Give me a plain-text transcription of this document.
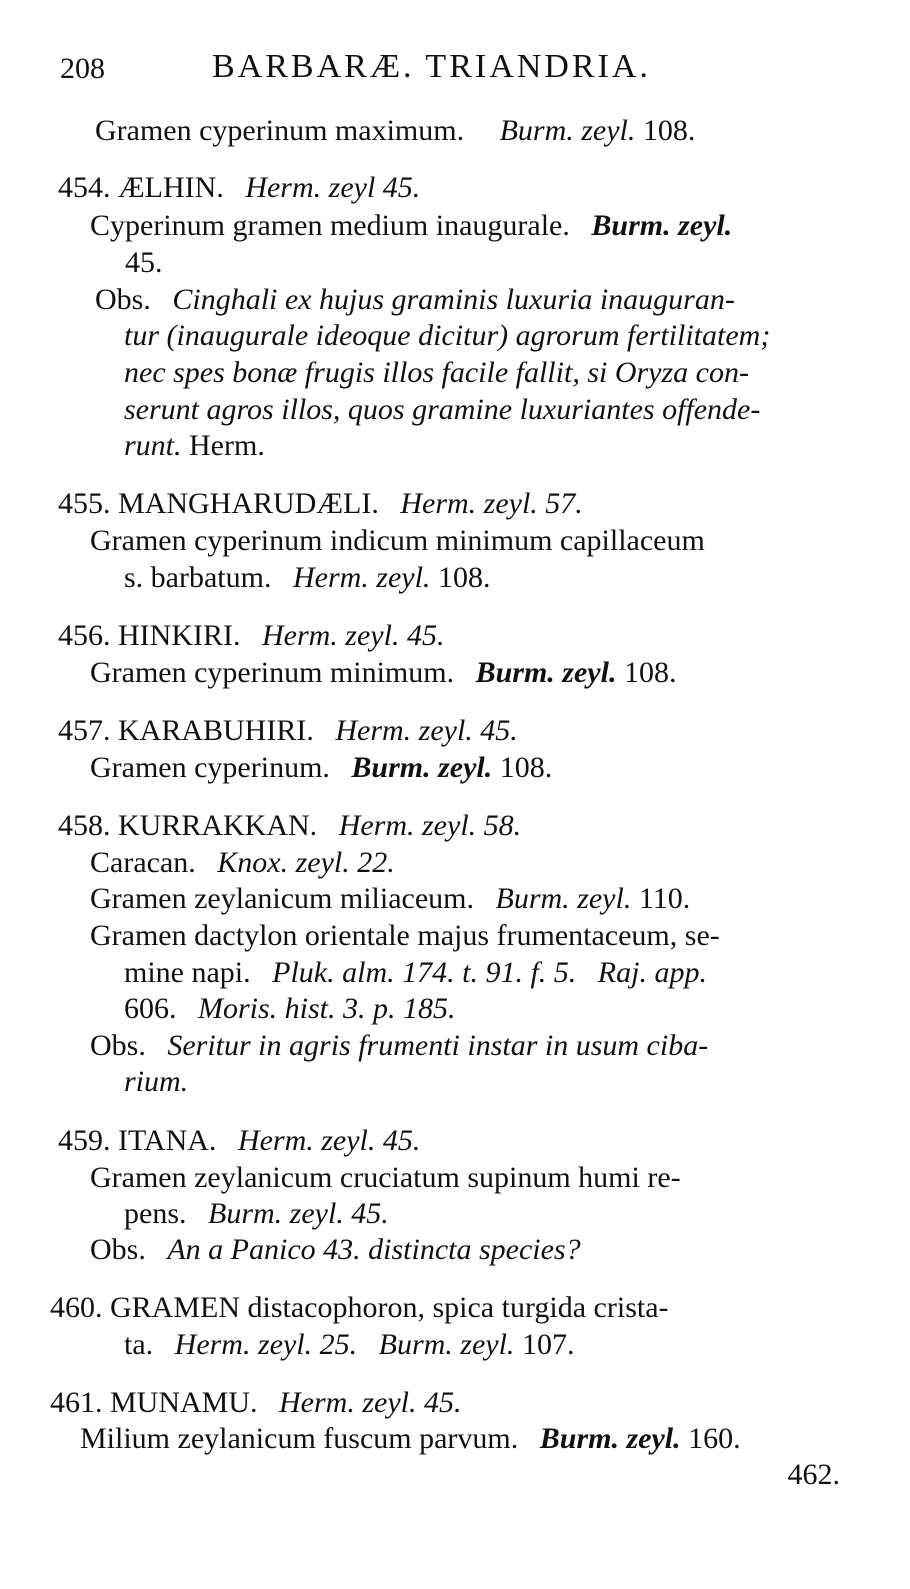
208	BARBARÆ. TRIANDRIA.
Gramen cyperinum maximum. Burm. zeyl. 108.
454. ÆLHIN. Herm. zeyl 45.
Cyperinum gramen medium inaugurale. Burm. zeyl.
45.
Obs. Cinghali ex hujus graminis luxuria inauguran-
tur (inaugurale ideoque dicitur) agrorum fertilitatem;
nec spes bonæ frugis illos facile fallit, si Oryza con-
serunt agros illos, quos gramine luxuriantes offende-
runt. Herm.
455. MANGHARUDÆLI. Herm. zeyl. 57.
Gramen cyperinum indicum minimum capillaceum
s. barbatum. Herm. zeyl. 108.
456. HINKIRI. Herm. zeyl. 45.
Gramen cyperinum minimum. Burm. zeyl. 108.
457. KARABUHIRI. Herm. zeyl. 45.
Gramen cyperinum. Burm. zeyl. 108.
458. KURRAKKAN. Herm. zeyl. 58.
Caracan. Knox. zeyl. 22.
Gramen zeylanicum miliaceum. Burm. zeyl. 110.
Gramen dactylon orientale majus frumentaceum, se-
mine napi. Pluk. alm. 174. t. 91. f. 5. Raj. app.
606. Moris. hist. 3. p. 185.
Obs. Seritur in agris frumenti instar in usum ciba-
rium.
459. ITANA. Herm. zeyl. 45.
Gramen zeylanicum cruciatum supinum humi re-
pens. Burm. zeyl. 45.
Obs. An a Panico 43. distincta species?
460. GRAMEN distacophoron, spica turgida crista-
ta. Herm. zeyl. 25. Burm. zeyl. 107.
461. MUNAMU. Herm. zeyl. 45.
Milium zeylanicum fuscum parvum. Burm. zeyl. 160.
462.
